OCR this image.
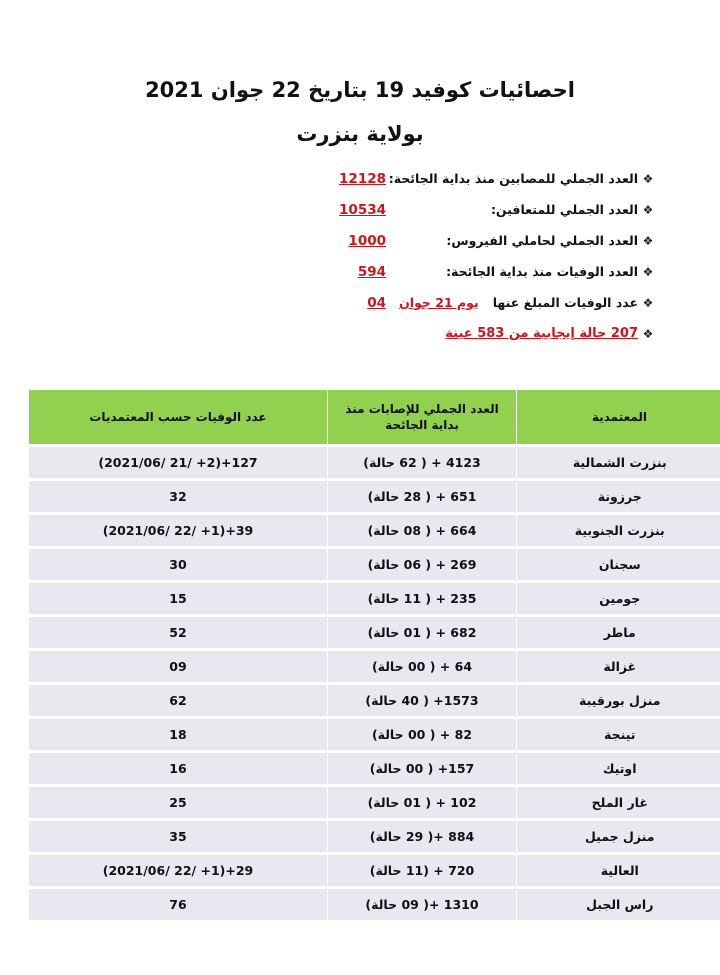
احصائيات كوفيد 19 بتاريخ 22 جوان 2021
بولاية بنزرت
❖
العدد الجملي للمصابين منذ بداية الجائحة:
12128
❖
العدد الجملي للمتعافين:
10534
❖
العدد الجملي لحاملي الفيروس:
1000
❖
العدد الوفيات منذ بداية الجائحة:
594
❖
عدد الوفيات المبلغ عنها
يوم 21 جوان
04
❖
207 حالة إيجابية من 583 عينة
المعتمدية	العدد الجملي للإصابات منذ بداية الجائحة	عدد الوفيات حسب المعتمديات
بنزرت الشمالية	4123 + ( 62 حالة)	127+(2+ /21 /2021/06)
جرزونة	651 + ( 28 حالة)	32
بنزرت الجنوبية	664 + ( 08 حالة)	39+(1+ /22 /2021/06)
سجنان	269 + ( 06 حالة)	30
جومين	235 + ( 11 حالة)	15
ماطر	682 + ( 01 حالة)	52
غزالة	64 + ( 00 حالة)	09
منزل بورقيبة	1573+ ( 40 حالة)	62
تينجة	82 + ( 00 حالة)	18
اوتيك	157+ ( 00 حالة)	16
غار الملح	102 + ( 01 حالة)	25
منزل جميل	884 +( 29 حالة)	35
العالية	720 + (11 حالة)	29+(1+ /22 /2021/06)
راس الجبل	1310 +( 09 حالة)	76
